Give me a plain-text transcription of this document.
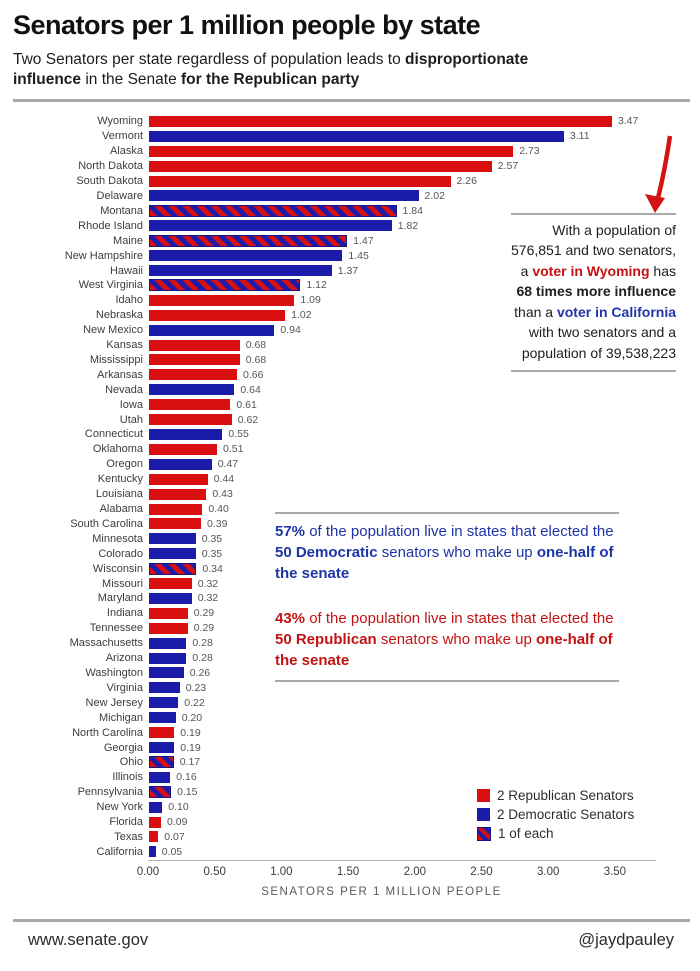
Senators per 1 million people by state
Two Senators per state regardless of population leads to disproportionate influence in the Senate for the Republican party
Wyoming	3.47
Vermont	3.11
Alaska	2.73
North Dakota	2.57
South Dakota	2.26
Delaware	2.02
Montana	1.84
Rhode Island	1.82
Maine	1.47
New Hampshire	1.45
Hawaii	1.37
West Virginia	1.12
Idaho	1.09
Nebraska	1.02
New Mexico	0.94
Kansas	0.68
Mississippi	0.68
Arkansas	0.66
Nevada	0.64
Iowa	0.61
Utah	0.62
Connecticut	0.55
Oklahoma	0.51
Oregon	0.47
Kentucky	0.44
Louisiana	0.43
Alabama	0.40
South Carolina	0.39
Minnesota	0.35
Colorado	0.35
Wisconsin	0.34
Missouri	0.32
Maryland	0.32
Indiana	0.29
Tennessee	0.29
Massachusetts	0.28
Arizona	0.28
Washington	0.26
Virginia	0.23
New Jersey	0.22
Michigan	0.20
North Carolina	0.19
Georgia	0.19
Ohio	0.17
Illinois	0.16
Pennsylvania	0.15
New York	0.10
Florida	0.09
Texas	0.07
California	0.05
0.00	0.50	1.00	1.50	2.00	2.50	3.00	3.50
SENATORS PER 1 MILLION PEOPLE
With a population of 576,851 and two senators, a voter in Wyoming has 68 times more influence than a voter in California with two senators and a population of 39,538,223

57% of the population live in states that elected the 50 Democratic senators who make up one-half of the senate

43% of the population live in states that elected the 50 Republican senators who make up one-half of the senate

2 Republican Senators
2 Democratic Senators
1 of each
www.senate.gov	@jaydpauley
